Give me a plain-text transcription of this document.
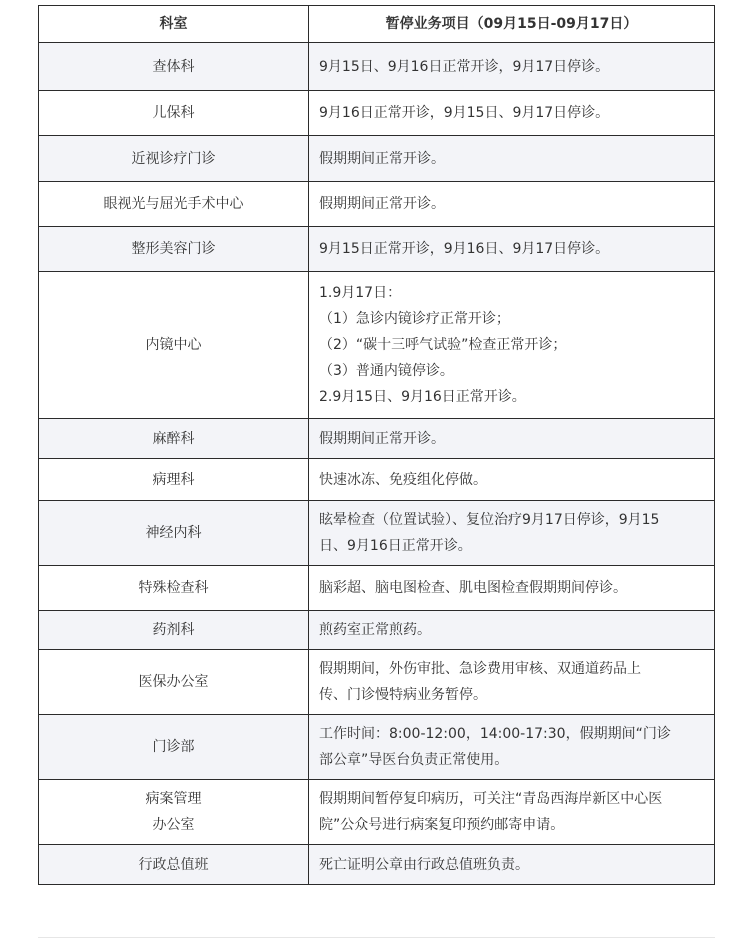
科室	暂停业务项目（09月15日-09月17日）

查体科	9月15日、9月16日正常开诊，9月17日停诊。

儿保科	9月16日正常开诊，9月15日、9月17日停诊。

近视诊疗门诊	假期期间正常开诊。

眼视光与屈光手术中心	假期期间正常开诊。

整形美容门诊	9月15日正常开诊，9月16日、9月17日停诊。

内镜中心	1.9月17日：
（1）急诊内镜诊疗正常开诊；
（2）“碳十三呼气试验”检查正常开诊；
（3）普通内镜停诊。
2.9月15日、9月16日正常开诊。

麻醉科	假期期间正常开诊。

病理科	快速冰冻、免疫组化停做。

神经内科	眩晕检查（位置试验）、复位治疗9月17日停诊，9月15
日、9月16日正常开诊。

特殊检查科	脑彩超、脑电图检查、肌电图检查假期期间停诊。

药剂科	煎药室正常煎药。

医保办公室	假期期间，外伤审批、急诊费用审核、双通道药品上
传、门诊慢特病业务暂停。

门诊部	工作时间：8:00-12:00，14:00-17:30，假期期间“门诊
部公章”导医台负责正常使用。

病案管理
办公室	假期期间暂停复印病历，可关注“青岛西海岸新区中心医
院”公众号进行病案复印预约邮寄申请。

行政总值班	死亡证明公章由行政总值班负责。
